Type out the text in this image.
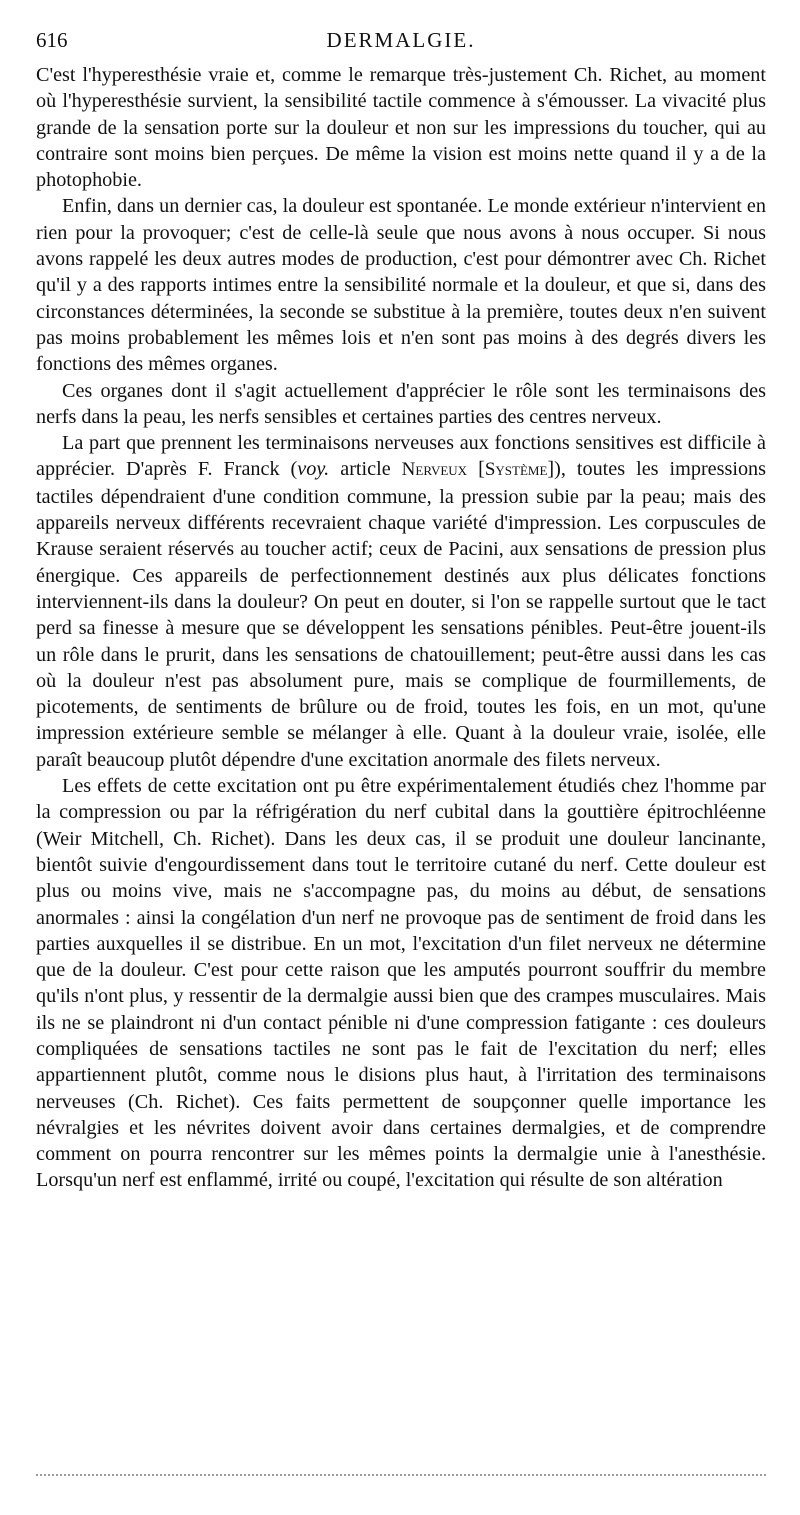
616	DERMALGIE.

C'est l'hyperesthésie vraie et, comme le remarque très-justement Ch. Richet, au moment où l'hyperesthésie survient, la sensibilité tactile commence à s'émousser. La vivacité plus grande de la sensation porte sur la douleur et non sur les impressions du toucher, qui au contraire sont moins bien perçues. De même la vision est moins nette quand il y a de la photophobie.

Enfin, dans un dernier cas, la douleur est spontanée. Le monde extérieur n'intervient en rien pour la provoquer; c'est de celle-là seule que nous avons à nous occuper. Si nous avons rappelé les deux autres modes de production, c'est pour démontrer avec Ch. Richet qu'il y a des rapports intimes entre la sensibilité normale et la douleur, et que si, dans des circonstances déterminées, la seconde se substitue à la première, toutes deux n'en suivent pas moins probablement les mêmes lois et n'en sont pas moins à des degrés divers les fonctions des mêmes organes.

Ces organes dont il s'agit actuellement d'apprécier le rôle sont les terminaisons des nerfs dans la peau, les nerfs sensibles et certaines parties des centres nerveux.

La part que prennent les terminaisons nerveuses aux fonctions sensitives est difficile à apprécier. D'après F. Franck (voy. article Nerveux [Système]), toutes les impressions tactiles dépendraient d'une condition commune, la pression subie par la peau; mais des appareils nerveux différents recevraient chaque variété d'impression. Les corpuscules de Krause seraient réservés au toucher actif; ceux de Pacini, aux sensations de pression plus énergique. Ces appareils de perfectionnement destinés aux plus délicates fonctions interviennent-ils dans la douleur? On peut en douter, si l'on se rappelle surtout que le tact perd sa finesse à mesure que se développent les sensations pénibles. Peut-être jouent-ils un rôle dans le prurit, dans les sensations de chatouillement; peut-être aussi dans les cas où la douleur n'est pas absolument pure, mais se complique de fourmillements, de picotements, de sentiments de brûlure ou de froid, toutes les fois, en un mot, qu'une impression extérieure semble se mélanger à elle. Quant à la douleur vraie, isolée, elle paraît beaucoup plutôt dépendre d'une excitation anormale des filets nerveux.

Les effets de cette excitation ont pu être expérimentalement étudiés chez l'homme par la compression ou par la réfrigération du nerf cubital dans la gouttière épitrochléenne (Weir Mitchell, Ch. Richet). Dans les deux cas, il se produit une douleur lancinante, bientôt suivie d'engourdissement dans tout le territoire cutané du nerf. Cette douleur est plus ou moins vive, mais ne s'accompagne pas, du moins au début, de sensations anormales : ainsi la congélation d'un nerf ne provoque pas de sentiment de froid dans les parties auxquelles il se distribue. En un mot, l'excitation d'un filet nerveux ne détermine que de la douleur. C'est pour cette raison que les amputés pourront souffrir du membre qu'ils n'ont plus, y ressentir de la dermalgie aussi bien que des crampes musculaires. Mais ils ne se plaindront ni d'un contact pénible ni d'une compression fatigante : ces douleurs compliquées de sensations tactiles ne sont pas le fait de l'excitation du nerf; elles appartiennent plutôt, comme nous le disions plus haut, à l'irritation des terminaisons nerveuses (Ch. Richet). Ces faits permettent de soupçonner quelle importance les névralgies et les névrites doivent avoir dans certaines dermalgies, et de comprendre comment on pourra rencontrer sur les mêmes points la dermalgie unie à l'anesthésie. Lorsqu'un nerf est enflammé, irrité ou coupé, l'excitation qui résulte de son altération
